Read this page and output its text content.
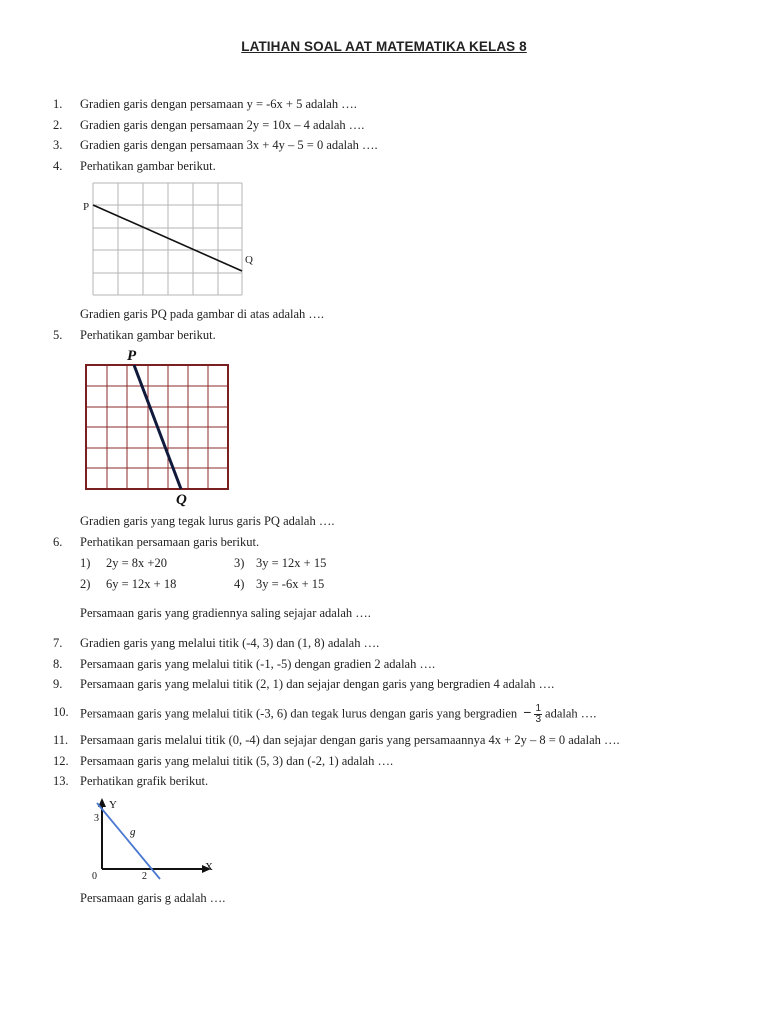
LATIHAN SOAL AAT MATEMATIKA KELAS 8
1. Gradien garis dengan persamaan y = -6x + 5 adalah ….
2. Gradien garis dengan persamaan 2y = 10x – 4 adalah ….
3. Gradien garis dengan persamaan 3x + 4y – 5 = 0 adalah ….
4. Perhatikan gambar berikut.
P
Q
Gradien garis PQ pada gambar di atas adalah ….
5. Perhatikan gambar berikut.
P
Q
Gradien garis yang tegak lurus garis PQ adalah ….
6. Perhatikan persamaan garis berikut.
1) 2y = 8x +20	3) 3y = 12x + 15
2) 6y = 12x + 18	4) 3y = -6x + 15
Persamaan garis yang gradiennya saling sejajar adalah ….
7. Gradien garis yang melalui titik (-4, 3) dan (1, 8) adalah ….
8. Persamaan garis yang melalui titik (-1, -5) dengan gradien 2 adalah ….
9. Persamaan garis yang melalui titik (2, 1) dan sejajar dengan garis yang bergradien 4 adalah ….
10. Persamaan garis yang melalui titik (-3, 6) dan tegak lurus dengan garis yang bergradien − $\frac{1}{3}$ adalah ….
11. Persamaan garis melalui titik (0, -4) dan sejajar dengan garis yang persamaannya 4x + 2y – 8 = 0 adalah ….
12. Persamaan garis yang melalui titik (5, 3) dan (-2, 1) adalah ….
13. Perhatikan grafik berikut.
Y
X
0
3
2
g
Persamaan garis g adalah ….
